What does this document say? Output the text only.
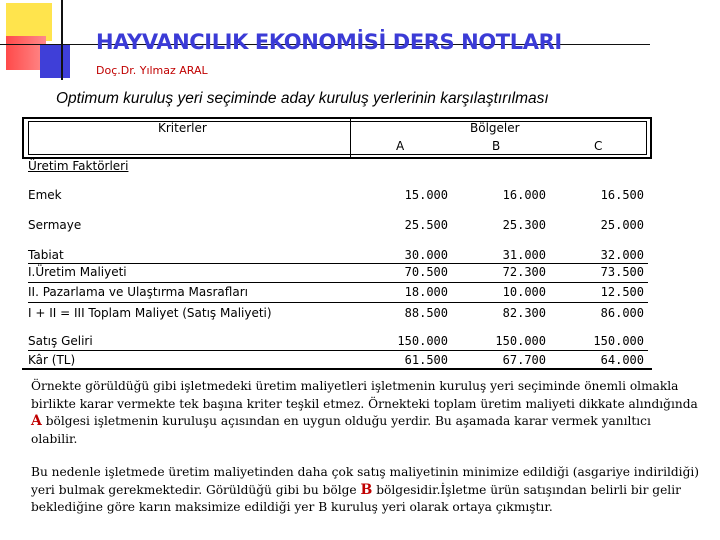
HAYVANCILIK EKONOMİSİ DERS NOTLARI
Doç.Dr. Yılmaz ARAL
Optimum kuruluş yeri seçiminde aday kuruluş yerlerinin karşılaştırılması
Kriterler	Bölgeler
A	B	C
Üretim Faktörleri
Emek	15.000	16.000	16.500
Sermaye	25.500	25.300	25.000
Tabiat	30.000	31.000	32.000
I.Üretim Maliyeti	70.500	72.300	73.500
II. Pazarlama ve Ulaştırma Masrafları	18.000	10.000	12.500
I + II = III Toplam Maliyet (Satış Maliyeti)	88.500	82.300	86.000
Satış Geliri	150.000	150.000	150.000
Kâr (TL)	61.500	67.700	64.000
Örnekte görüldüğü gibi işletmedeki üretim maliyetleri işletmenin kuruluş yeri seçiminde önemli olmakla birlikte karar vermekte tek başına kriter teşkil etmez. Örnekteki toplam üretim maliyeti dikkate alındığında A bölgesi işletmenin kuruluşu açısından en uygun olduğu yerdir. Bu aşamada karar vermek yanıltıcı olabilir.
Bu nedenle işletmede üretim maliyetinden daha çok satış maliyetinin minimize edildiği (asgariye indirildiği) yeri bulmak gerekmektedir. Görüldüğü gibi bu bölge B bölgesidir.İşletme ürün satışından belirli bir gelir beklediğine göre karın maksimize edildiği yer B kuruluş yeri olarak ortaya çıkmıştır.
